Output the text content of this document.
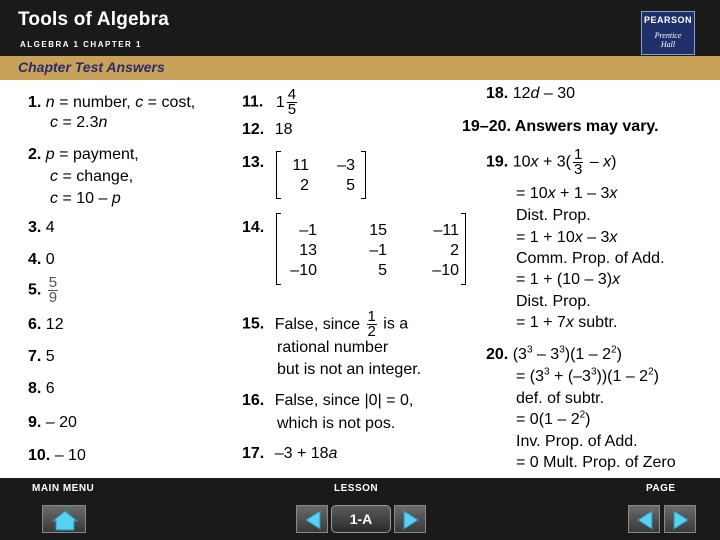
Tools of Algebra
ALGEBRA 1 CHAPTER 1
PEARSON
Prentice
Hall
Chapter Test Answers
1. n = number, c = cost,
c = 2.3n
2. p = payment,
c = change,
c = 10 – p
3. 4
4. 0
5. $\frac{5}{9}$
6. 12
7. 5
8. 6
9. – 20
10. – 10
11. $1 \frac{4}{5}$
12. 18
13.	11	–3
2	5
14.	–1	15	–11
13	–1	2
–10	5	–10
15. False, since $\frac{1}{2}$ is a
rational number
but is not an integer.
16. False, since |0| = 0,
which is not pos.
17. –3 + 18a
18. 12d – 30
19–20. Answers may vary.
19. $10x + 3( \frac{1}{3} - x)$
= 10x + 1 – 3x
Dist. Prop.
= 1 + 10x – 3x
Comm. Prop. of Add.
= 1 + (10 – 3)x
Dist. Prop.
= 1 + 7x subtr.
20. $(3^3 - 3^3)(1 - 2^2)$
= $(3^3 + (-3^3))(1 - 2^2)$
def. of subtr.
= $0(1 - 2^2)$
Inv. Prop. of Add.
= 0 Mult. Prop. of Zero
MAIN MENU	LESSON	PAGE
1-A
